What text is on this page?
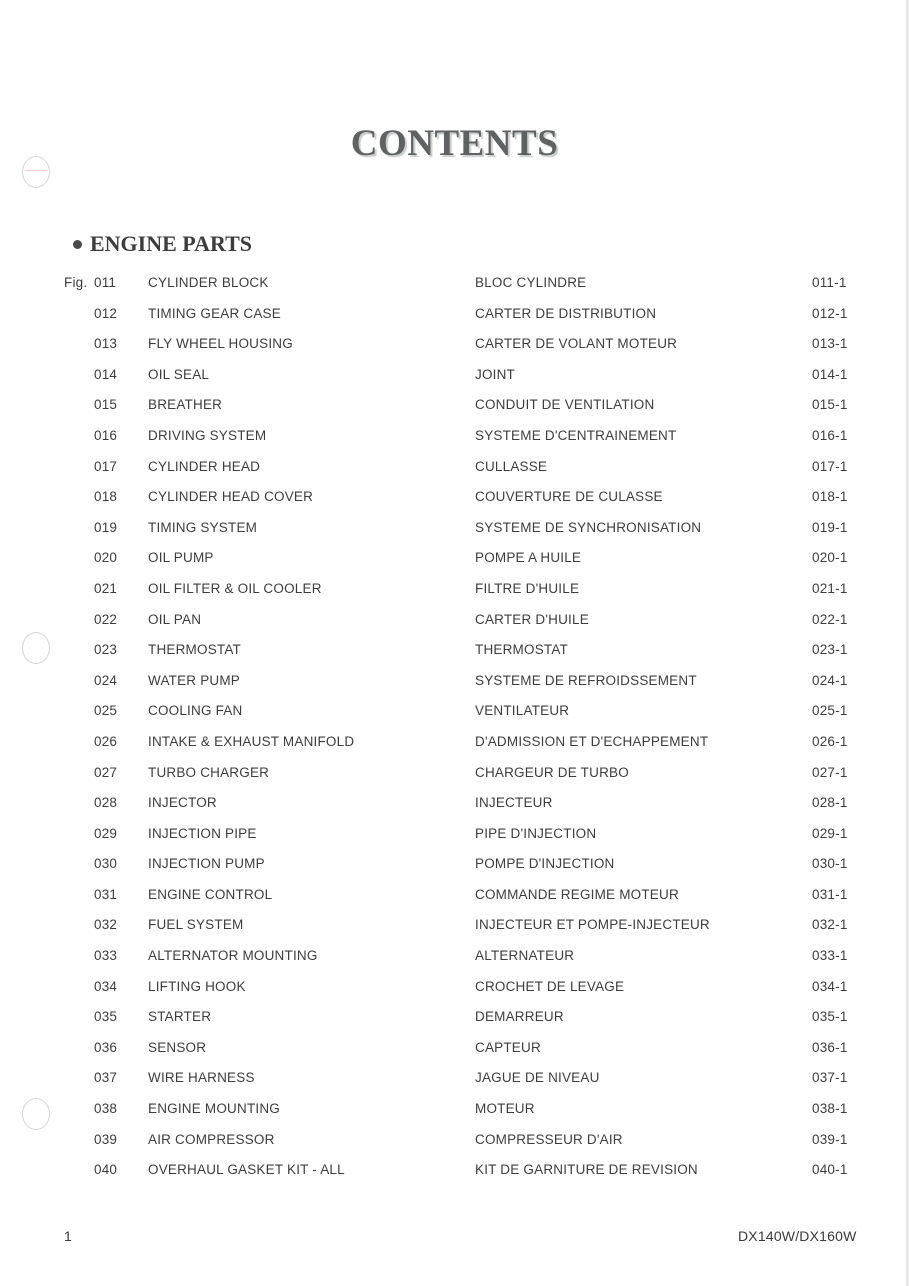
CONTENTS
ENGINE PARTS
Fig. 011 CYLINDER BLOCK	BLOC CYLINDRE	011-1
012 TIMING GEAR CASE	CARTER DE DISTRIBUTION	012-1
013 FLY WHEEL HOUSING	CARTER DE VOLANT MOTEUR	013-1
014 OIL SEAL	JOINT	014-1
015 BREATHER	CONDUIT DE VENTILATION	015-1
016 DRIVING SYSTEM	SYSTEME D'CENTRAINEMENT	016-1
017 CYLINDER HEAD	CULLASSE	017-1
018 CYLINDER HEAD COVER	COUVERTURE DE CULASSE	018-1
019 TIMING SYSTEM	SYSTEME DE SYNCHRONISATION	019-1
020 OIL PUMP	POMPE A HUILE	020-1
021 OIL FILTER & OIL COOLER	FILTRE D'HUILE	021-1
022 OIL PAN	CARTER D'HUILE	022-1
023 THERMOSTAT	THERMOSTAT	023-1
024 WATER PUMP	SYSTEME DE REFROIDSSEMENT	024-1
025 COOLING FAN	VENTILATEUR	025-1
026 INTAKE & EXHAUST MANIFOLD	D'ADMISSION ET D'ECHAPPEMENT	026-1
027 TURBO CHARGER	CHARGEUR DE TURBO	027-1
028 INJECTOR	INJECTEUR	028-1
029 INJECTION PIPE	PIPE D'INJECTION	029-1
030 INJECTION PUMP	POMPE D'INJECTION	030-1
031 ENGINE CONTROL	COMMANDE REGIME MOTEUR	031-1
032 FUEL SYSTEM	INJECTEUR ET POMPE-INJECTEUR	032-1
033 ALTERNATOR MOUNTING	ALTERNATEUR	033-1
034 LIFTING HOOK	CROCHET DE LEVAGE	034-1
035 STARTER	DEMARREUR	035-1
036 SENSOR	CAPTEUR	036-1
037 WIRE HARNESS	JAGUE DE NIVEAU	037-1
038 ENGINE MOUNTING	MOTEUR	038-1
039 AIR COMPRESSOR	COMPRESSEUR D'AIR	039-1
040 OVERHAUL GASKET KIT - ALL	KIT DE GARNITURE DE REVISION	040-1
1	DX140W/DX160W
